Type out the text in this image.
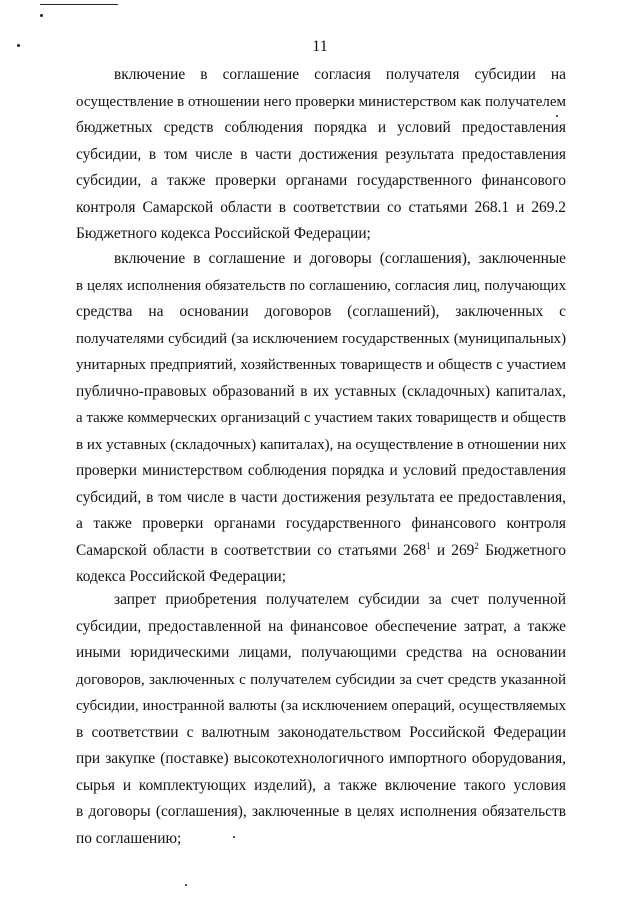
11
включение в соглашение согласия получателя субсидии на
осуществление в отношении него проверки министерством как получателем
бюджетных средств соблюдения порядка и условий предоставления
субсидии, в том числе в части достижения результата предоставления
субсидии, а также проверки органами государственного финансового
контроля Самарской области в соответствии со статьями 268.1 и 269.2
Бюджетного кодекса Российской Федерации;
включение в соглашение и договоры (соглашения), заключенные
в целях исполнения обязательств по соглашению, согласия лиц, получающих
средства на основании договоров (соглашений), заключенных с
получателями субсидий (за исключением государственных (муниципальных)
унитарных предприятий, хозяйственных товариществ и обществ с участием
публично-правовых образований в их уставных (складочных) капиталах,
а также коммерческих организаций с участием таких товариществ и обществ
в их уставных (складочных) капиталах), на осуществление в отношении них
проверки министерством соблюдения порядка и условий предоставления
субсидий, в том числе в части достижения результата ее предоставления,
а также проверки органами государственного финансового контроля
Самарской области в соответствии со статьями $268^1$ и $269^2$ Бюджетного
кодекса Российской Федерации;
запрет приобретения получателем субсидии за счет полученной
субсидии, предоставленной на финансовое обеспечение затрат, а также
иными юридическими лицами, получающими средства на основании
договоров, заключенных с получателем субсидии за счет средств указанной
субсидии, иностранной валюты (за исключением операций, осуществляемых
в соответствии с валютным законодательством Российской Федерации
при закупке (поставке) высокотехнологичного импортного оборудования,
сырья и комплектующих изделий), а также включение такого условия
в договоры (соглашения), заключенные в целях исполнения обязательств
по соглашению;
